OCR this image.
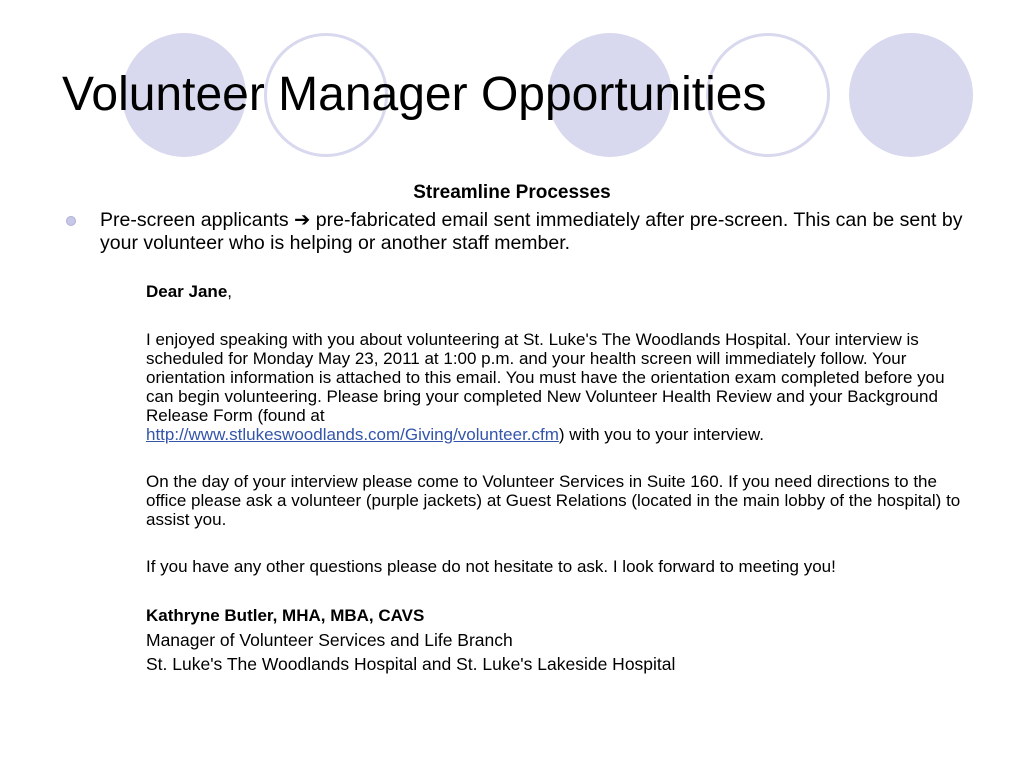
Volunteer Manager Opportunities

Streamline Processes

Pre-screen applicants ➔ pre-fabricated email sent immediately after pre-screen. This can be sent by your volunteer who is helping or another staff member.

Dear Jane,

I enjoyed speaking with you about volunteering at St. Luke's The Woodlands Hospital. Your interview is scheduled for Monday May 23, 2011 at 1:00 p.m. and your health screen will immediately follow. Your orientation information is attached to this email. You must have the orientation exam completed before you can begin volunteering. Please bring your completed New Volunteer Health Review and your Background Release Form (found at
http://www.stlukeswoodlands.com/Giving/volunteer.cfm) with you to your interview.

On the day of your interview please come to Volunteer Services in Suite 160. If you need directions to the office please ask a volunteer (purple jackets) at Guest Relations (located in the main lobby of the hospital) to assist you.

If you have any other questions please do not hesitate to ask. I look forward to meeting you!

Kathryne Butler, MHA, MBA, CAVS

Manager of Volunteer Services and Life Branch

St. Luke's The Woodlands Hospital and St. Luke's Lakeside Hospital
